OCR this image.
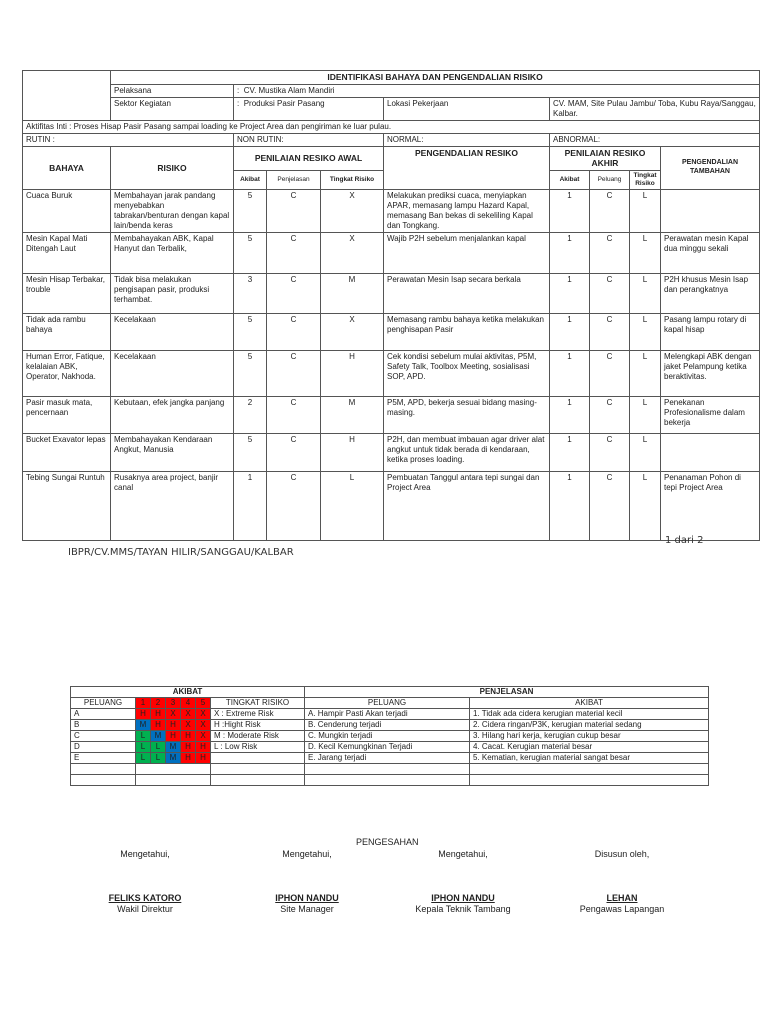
	IDENTIFIKASI BAHAYA DAN PENGENDALIAN RISIKO								
	Pelaksana	: CV. Mustika Alam Mandiri							
	Sektor Kegiatan	: Produksi Pasir Pasang			Lokasi Pekerjaan	CV. MAM, Site Pulau Jambu/ Toba, Kubu Raya/Sanggau, Kalbar.			
Aktifitas Inti : Proses Hisap Pasir Pasang sampai loading ke Project Area dan pengiriman ke luar pulau.									
RUTIN :		NON RUTIN:			NORMAL:	ABNORMAL:			
BAHAYA	RISIKO	PENILAIAN RESIKO AWAL			PENGENDALIAN RESIKO	PENILAIAN RESIKO AKHIR			PENGENDALIAN TAMBAHAN
		Akibat	Penjelasan	Tingkat Risiko		Akibat	Peluang	Tingkat Risiko	
Cuaca Buruk	Membahayan jarak pandang menyebabkan tabrakan/benturan dengan kapal lain/benda keras	5	C	X	Melakukan prediksi cuaca, menyiapkan APAR, memasang lampu Hazard Kapal, memasang Ban bekas di sekeliling Kapal dan Tongkang.	1	C	L	
Mesin Kapal Mati Ditengah Laut	Membahayakan ABK, Kapal Hanyut dan Terbalik,	5	C	X	Wajib P2H sebelum menjalankan kapal	1	C	L	Perawatan mesin Kapal dua minggu sekali
Mesin Hisap Terbakar, trouble	Tidak bisa melakukan pengisapan pasir, produksi terhambat.	3	C	M	Perawatan Mesin Isap secara berkala	1	C	L	P2H khusus Mesin Isap dan perangkatnya
Tidak ada rambu bahaya	Kecelakaan	5	C	X	Memasang rambu bahaya ketika melakukan penghisapan Pasir	1	C	L	Pasang lampu rotary di kapal hisap
Human Error, Fatique, kelalaian ABK, Operator, Nakhoda.	Kecelakaan	5	C	H	Cek kondisi sebelum mulai aktivitas, P5M, Safety Talk, Toolbox Meeting, sosialisasi SOP, APD.	1	C	L	Melengkapi ABK dengan jaket Pelampung ketika beraktivitas.
Pasir masuk mata, pencernaan	Kebutaan, efek jangka panjang	2	C	M	P5M, APD, bekerja sesuai bidang masing-masing.	1	C	L	Penekanan Profesionalisme dalam bekerja
Bucket Exavator lepas	Membahayakan Kendaraan Angkut, Manusia	5	C	H	P2H, dan membuat imbauan agar driver alat angkut untuk tidak berada di kendaraan, ketika proses loading.	1	C	L	
Tebing Sungai Runtuh	Rusaknya area project, banjir canal	1	C	L	Pembuatan Tanggul antara tepi sungai dan Project Area	1	C	L	Penanaman Pohon di tepi Project Area
IBPR/CV.MMS/TAYAN HILIR/SANGGAU/KALBAR
1 dari 2
AKIBAT							PENJELASAN	
PELUANG	1	2	3	4	5	TINGKAT RISIKO	PELUANG	AKIBAT
A	H	H	X	X	X	X : Extreme Risk	A. Hampir Pasti Akan terjadi	1. Tidak ada cidera kerugian material kecil
B	M	H	H	X	X	H :Hight Risk	B. Cenderung terjadi	2. Cidera ringan/P3K, kerugian material sedang
C	L	M	H	H	X	M : Moderate Risk	C. Mungkin terjadi	3. Hilang hari kerja, kerugian cukup besar
D	L	L	M	H	H	L : Low Risk	D. Kecil Kemungkinan Terjadi	4. Cacat. Kerugian material besar
E	L	L	M	H	H		E. Jarang terjadi	5. Kematian, kerugian material sangat besar

PENGESAHAN
Mengetahui,
FELIKS KATORO
Wakil Direktur
Mengetahui,
IPHON NANDU
Site Manager
Mengetahui,
IPHON NANDU
Kepala Teknik Tambang
Disusun oleh,
LEHAN
Pengawas Lapangan
